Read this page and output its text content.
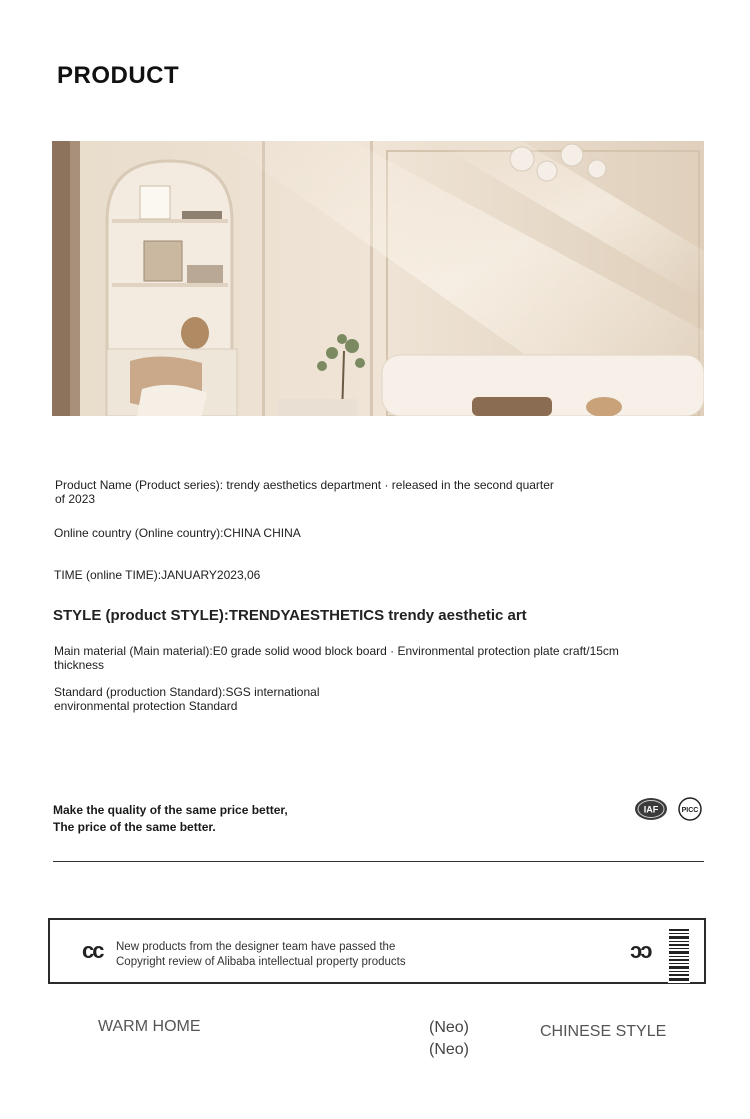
PRODUCT
Product Name (Product series): trendy aesthetics department · released in the second quarter of 2023
Online country (Online country):CHINA CHINA
TIME (online TIME):JANUARY2023,06
STYLE (product STYLE):TRENDYAESTHETICS trendy aesthetic art
Main material (Main material):E0 grade solid wood block board · Environmental protection plate craft/15cm thickness
Standard (production Standard):SGS international
environmental protection Standard
Make the quality of the same price better,
The price of the same better.
IAF	PICC
cc New products from the designer team have passed the
Copyright review of Alibaba intellectual property products	ɔɔ
WARM HOME	(Neo)
(Neo)
CHINESE STYLE
